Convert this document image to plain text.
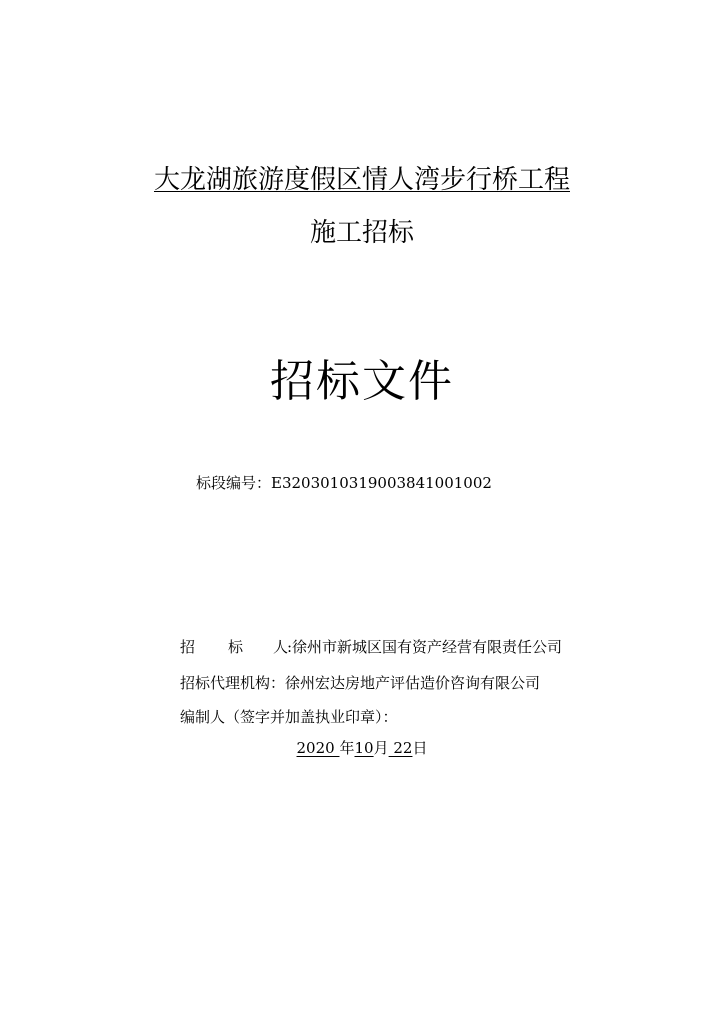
大龙湖旅游度假区情人湾步行桥工程
施工招标
招标文件
标段编号：E3203010319003841001002
招 标 人:徐州市新城区国有资产经营有限责任公司
招标代理机构：徐州宏达房地产评估造价咨询有限公司
编制人（签字并加盖执业印章）：
2020 年10月 22日
